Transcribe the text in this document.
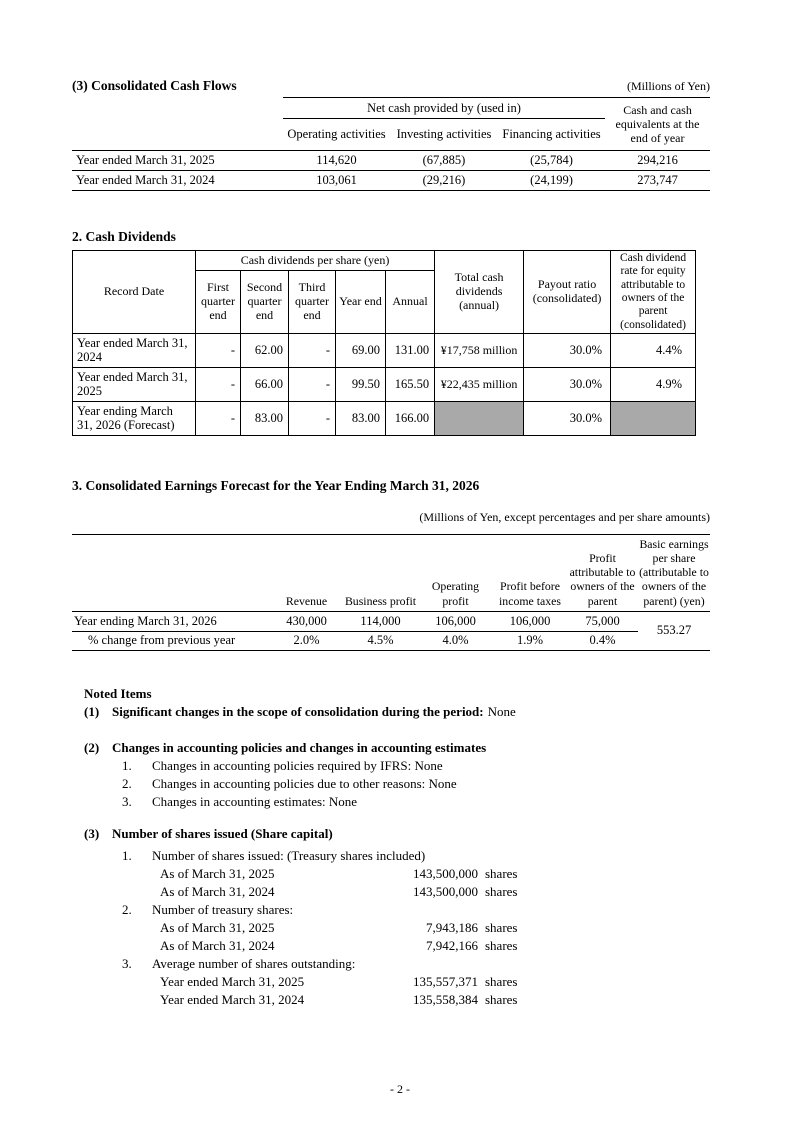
(3) Consolidated Cash Flows	(Millions of Yen)
	Net cash provided by (used in)			Cash and cash equivalents at the end of year
	Operating activities	Investing activities	Financing activities	
Year ended March 31, 2025	114,620	(67,885)	(25,784)	294,216
Year ended March 31, 2024	103,061	(29,216)	(24,199)	273,747
2. Cash Dividends
Record Date	Cash dividends per share (yen)					Total cash dividends (annual)	Payout ratio (consolidated)	Cash dividend rate for equity attributable to owners of the parent (consolidated)
	First quarter end	Second quarter end	Third quarter end	Year end	Annual			
Year ended March 31, 2024	-	62.00	-	69.00	131.00	¥17,758 million	30.0%	4.4%
Year ended March 31, 2025	-	66.00	-	99.50	165.50	¥22,435 million	30.0%	4.9%
Year ending March 31, 2026 (Forecast)	-	83.00	-	83.00	166.00		30.0%	
3. Consolidated Earnings Forecast for the Year Ending March 31, 2026
(Millions of Yen, except percentages and per share amounts)
	Revenue	Business profit	Operating profit	Profit before income taxes	Profit attributable to owners of the parent	Basic earnings per share (attributable to owners of the parent) (yen)
Year ending March 31, 2026	430,000	114,000	106,000	106,000	75,000	553.27
% change from previous year	2.0%	4.5%	4.0%	1.9%	0.4%	
Noted Items
(1) Significant changes in the scope of consolidation during the period: None
(2) Changes in accounting policies and changes in accounting estimates
1.	Changes in accounting policies required by IFRS: None
2.	Changes in accounting policies due to other reasons: None
3.	Changes in accounting estimates: None
(3) Number of shares issued (Share capital)
1.	Number of shares issued: (Treasury shares included)
As of March 31, 2025	143,500,000 shares
As of March 31, 2024	143,500,000 shares
2.	Number of treasury shares:
As of March 31, 2025	7,943,186 shares
As of March 31, 2024	7,942,166 shares
3.	Average number of shares outstanding:
Year ended March 31, 2025	135,557,371 shares
Year ended March 31, 2024	135,558,384 shares
- 2 -
